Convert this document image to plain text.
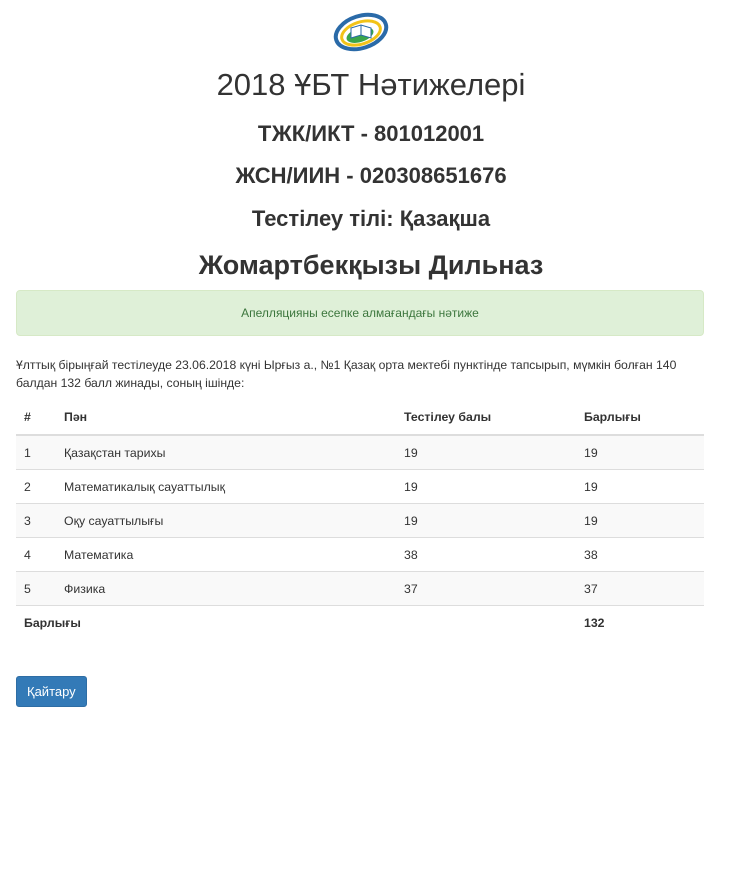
2018 ҰБТ Нәтижелері
ТЖК/ИКТ - 801012001
ЖСН/ИИН - 020308651676
Тестілеу тілі: Қазақша
Жомартбекқызы Дильназ
Апелляцияны есепке алмағандағы нәтиже
Ұлттық бірыңғай тестілеуде 23.06.2018 күні Ырғыз а., №1 Қазақ орта мектебі пунктінде тапсырып, мүмкін болған 140 балдан 132 балл жинады, соның ішінде:
#	Пән	Тестілеу балы	Барлығы
1	Қазақстан тарихы	19	19
2	Математикалық сауаттылық	19	19
3	Оқу сауаттылығы	19	19
4	Математика	38	38
5	Физика	37	37
Барлығы			132
Қайтару
